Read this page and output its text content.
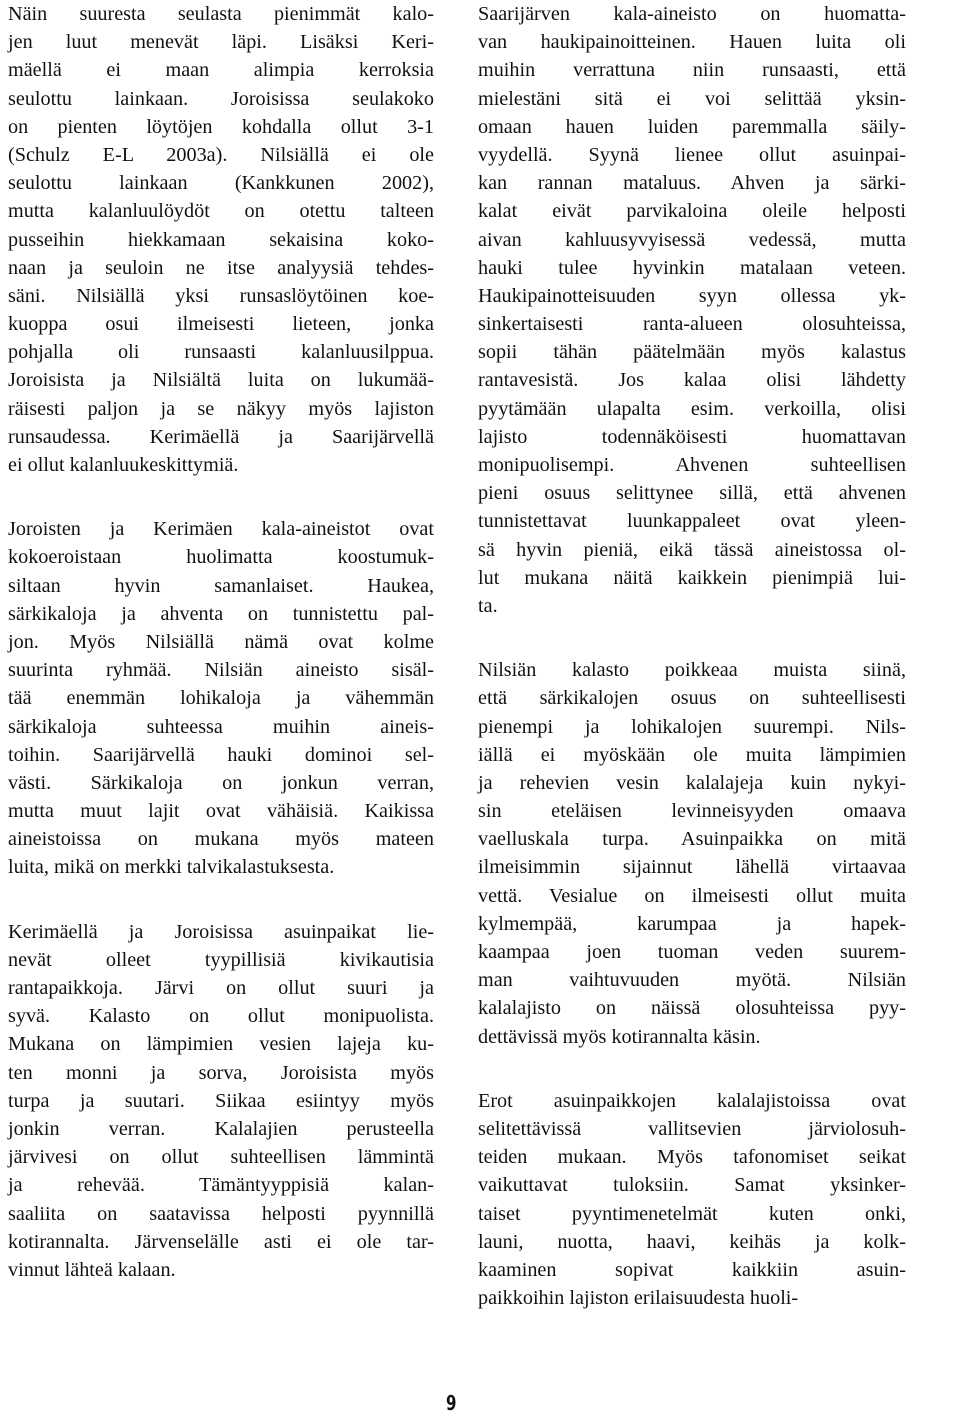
Näin suuresta seulasta pienimmät kalo-
jen luut menevät läpi. Lisäksi Keri-
mäellä ei maan alimpia kerroksia
seulottu lainkaan. Joroisissa seulakoko
on pienten löytöjen kohdalla ollut 3-1
(Schulz E-L 2003a). Nilsiällä ei ole
seulottu lainkaan (Kankkunen 2002),
mutta kalanluulöydöt on otettu talteen
pusseihin hiekkamaan sekaisina koko-
naan ja seuloin ne itse analyysiä tehdes-
säni. Nilsiällä yksi runsaslöytöinen koe-
kuoppa osui ilmeisesti lieteen, jonka
pohjalla oli runsaasti kalanluusilppua.
Joroisista ja Nilsiältä luita on lukumää-
räisesti paljon ja se näkyy myös lajiston
runsaudessa. Kerimäellä ja Saarijärvellä
ei ollut kalanluukeskittymiä.

Joroisten ja Kerimäen kala-aineistot ovat
kokoeroistaan huolimatta koostumuk-
siltaan hyvin samanlaiset. Haukea,
särkikaloja ja ahventa on tunnistettu pal-
jon. Myös Nilsiällä nämä ovat kolme
suurinta ryhmää. Nilsiän aineisto sisäl-
tää enemmän lohikaloja ja vähemmän
särkikaloja suhteessa muihin aineis-
toihin. Saarijärvellä hauki dominoi sel-
västi. Särkikaloja on jonkun verran,
mutta muut lajit ovat vähäisiä. Kaikissa
aineistoissa on mukana myös mateen
luita, mikä on merkki talvikalastuksesta.

Kerimäellä ja Joroisissa asuinpaikat lie-
nevät olleet tyypillisiä kivikautisia
rantapaikkoja. Järvi on ollut suuri ja
syvä. Kalasto on ollut monipuolista.
Mukana on lämpimien vesien lajeja ku-
ten monni ja sorva, Joroisista myös
turpa ja suutari. Siikaa esiintyy myös
jonkin verran. Kalalajien perusteella
järvivesi on ollut suhteellisen lämmintä
ja rehevää. Tämäntyyppisiä kalan-
saaliita on saatavissa helposti pyynnillä
kotirannalta. Järvenselälle asti ei ole tar-
vinnut lähteä kalaan.

Saarijärven kala-aineisto on huomatta-
van haukipainoitteinen. Hauen luita oli
muihin verrattuna niin runsaasti, että
mielestäni sitä ei voi selittää yksin-
omaan hauen luiden paremmalla säily-
vyydellä. Syynä lienee ollut asuinpai-
kan rannan mataluus. Ahven ja särki-
kalat eivät parvikaloina oleile helposti
aivan kahluusyvyisessä vedessä, mutta
hauki tulee hyvinkin matalaan veteen.
Haukipainotteisuuden syyn ollessa yk-
sinkertaisesti ranta-alueen olosuhteissa,
sopii tähän päätelmään myös kalastus
rantavesistä. Jos kalaa olisi lähdetty
pyytämään ulapalta esim. verkoilla, olisi
lajisto todennäköisesti huomattavan
monipuolisempi. Ahvenen suhteellisen
pieni osuus selittynee sillä, että ahvenen
tunnistettavat luunkappaleet ovat yleen-
sä hyvin pieniä, eikä tässä aineistossa ol-
lut mukana näitä kaikkein pienimpiä lui-
ta.

Nilsiän kalasto poikkeaa muista siinä,
että särkikalojen osuus on suhteellisesti
pienempi ja lohikalojen suurempi. Nils-
iällä ei myöskään ole muita lämpimien
ja rehevien vesin kalalajeja kuin nykyi-
sin eteläisen levinneisyyden omaava
vaelluskala turpa. Asuinpaikka on mitä
ilmeisimmin sijainnut lähellä virtaavaa
vettä. Vesialue on ilmeisesti ollut muita
kylmempää, karumpaa ja hapek-
kaampaa joen tuoman veden suurem-
man vaihtuvuuden myötä. Nilsiän
kalalajisto on näissä olosuhteissa pyy-
dettävissä myös kotirannalta käsin.

Erot asuinpaikkojen kalalajistoissa ovat
selitettävissä vallitsevien järviolosuh-
teiden mukaan. Myös tafonomiset seikat
vaikuttavat tuloksiin. Samat yksinker-
taiset pyyntimenetelmät kuten onki,
launi, nuotta, haavi, keihäs ja kolk-
kaaminen sopivat kaikkiin asuin-
paikkoihin lajiston erilaisuudesta huoli-

9
